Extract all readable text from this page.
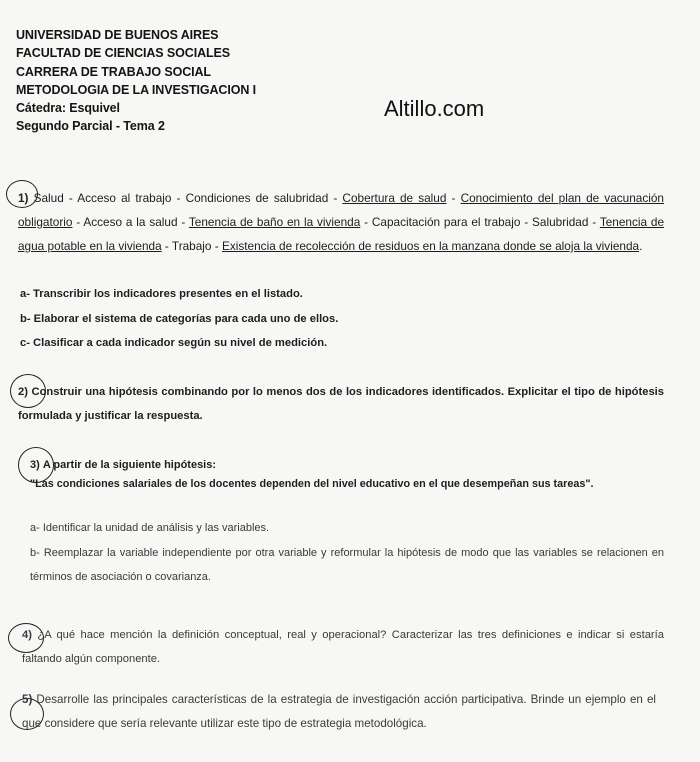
UNIVERSIDAD DE BUENOS AIRES
FACULTAD DE CIENCIAS SOCIALES
CARRERA DE TRABAJO SOCIAL
METODOLOGIA DE LA INVESTIGACION I
Cátedra: Esquivel
Segundo Parcial - Tema 2
Altillo.com
1) Salud - Acceso al trabajo - Condiciones de salubridad - Cobertura de salud - Conocimiento del plan de vacunación obligatorio - Acceso a la salud - Tenencia de baño en la vivienda - Capacitación para el trabajo - Salubridad - Tenencia de agua potable en la vivienda - Trabajo - Existencia de recolección de residuos en la manzana donde se aloja la vivienda.
a- Transcribir los indicadores presentes en el listado.
b- Elaborar el sistema de categorías para cada uno de ellos.
c- Clasificar a cada indicador según su nivel de medición.
2) Construir una hipótesis combinando por lo menos dos de los indicadores identificados. Explicitar el tipo de hipótesis formulada y justificar la respuesta.
3) A partir de la siguiente hipótesis:
"Las condiciones salariales de los docentes dependen del nivel educativo en el que desempeñan sus tareas".
a- Identificar la unidad de análisis y las variables.
b- Reemplazar la variable independiente por otra variable y reformular la hipótesis de modo que las variables se relacionen en términos de asociación o covarianza.
4) ¿A qué hace mención la definición conceptual, real y operacional? Caracterizar las tres definiciones e indicar si estaría faltando algún componente.
5) Desarrolle las principales características de la estrategia de investigación acción participativa. Brinde un ejemplo en el que considere que sería relevante utilizar este tipo de estrategia metodológica.
